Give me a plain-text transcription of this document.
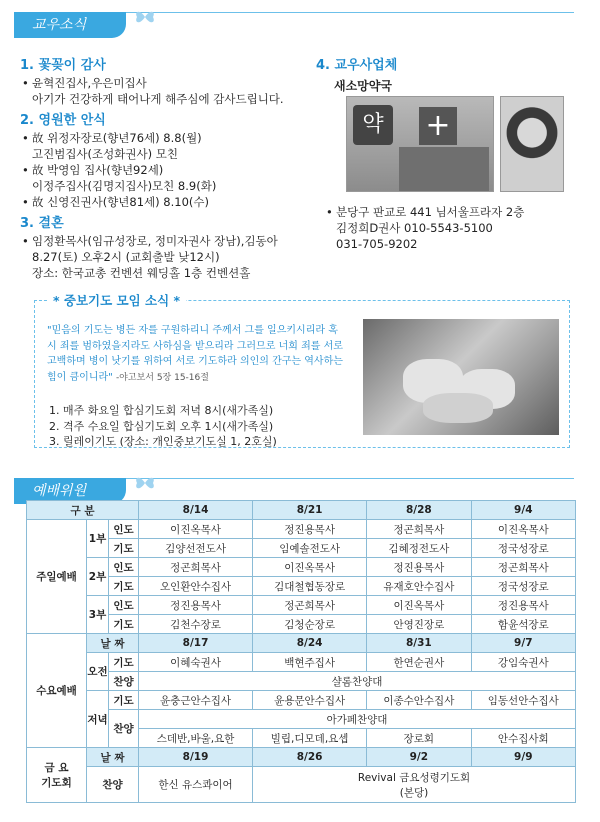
교우소식
1. 꽃꽂이 감사
• 윤혁진집사,우은미집사
아기가 건강하게 태어나게 해주심에 감사드립니다.
2. 영원한 안식
• 故 위정자장로(향년76세) 8.8(월)
고진범집사(조성화권사) 모친
• 故 박영임 집사(향년92세)
이정주집사(김명지집사)모친 8.9(화)
• 故 신영진권사(향년81세) 8.10(수)
3. 결혼
• 임정환목사(임규성장로, 정미자권사 장남),김동아
8.27(토) 오후2시 (교회출발 낮12시)
장소: 한국교총 컨벤션 웨딩홀 1층 컨벤션홀
4. 교우사업체
새소망약국
약	+
• 분당구 판교로 441 님서울프라자 2층
김정희D권사 010-5543-5100
031-705-9202
* 중보기도 모임 소식 *
"믿음의 기도는 병든 자를 구원하리니 주께서 그를 일으키시리라 혹시 죄를 범하였을지라도 사하심을 받으리라 그러므로 너희 죄를 서로 고백하며 병이 낫기를 위하여 서로 기도하라 의인의 간구는 역사하는 힘이 큼이니라" -야고보서 5장 15-16절
1. 매주 화요일 합심기도회 저녁 8시(새가족실)
2. 격주 수요일 합심기도회 오후 1시(새가족실)
3. 릴레이기도 (장소: 개인중보기도실 1, 2호실)
예배위원
구 분			8/14	8/21	8/28	9/4
주일예배	1부	인도	이진옥목사	정진용목사	정곤희목사	이진옥목사
		기도	김양선전도사	임예솔전도사	김혜정전도사	정국성장로
	2부	인도	정곤희목사	이진옥목사	정진용목사	정곤희목사
		기도	오인환안수집사	김대철협동장로	유재호안수집사	정국성장로
	3부	인도	정진용목사	정곤희목사	이진옥목사	정진용목사
		기도	김천수장로	김청순장로	안영진장로	함윤석장로
수요예배	날 짜		8/17	8/24	8/31	9/7
	오전	기도	이혜숙권사	백현주집사	한연순권사	강임숙권사
		찬양	샬롬찬양대			
	저녁	기도	윤충근안수집사	윤용문안수집사	이종수안수집사	임동선안수집사
		찬양	아가페찬양대			
			스데반,바울,요한	빌립,디모데,요셉	장로회	안수집사회

금 요
기도회	날 짜		8/19	8/26	9/2	9/9
	찬양		한신 유스콰이어	Revival 금요성령기도회
(본당)		
